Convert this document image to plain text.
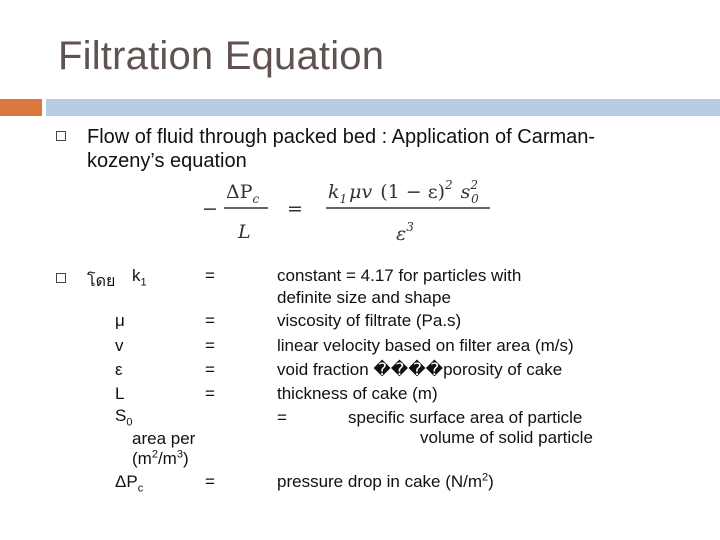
Filtration Equation
Flow of fluid through packed bed : Application of Carman-kozeny’s equation
−
$\Delta P_c$
L
=
$k_1$ μv $(1 - \varepsilon)^2$ $s^2$ 0
$\varepsilon^3$
โดย $k_1$	=	constant = 4.17 for particles with
definite size and shape
μ	=	viscosity of filtrate (Pa.s)
v	=	linear velocity based on filter area (m/s)
ε	=	void fraction ����porosity of cake
L	=	thickness of cake (m)
$S_0$	=	specific surface area of particle
volume of solid particle
area per
$(m^2/m^3)$
$\Delta P_c$	=	pressure drop in cake $(N/m^2)$
